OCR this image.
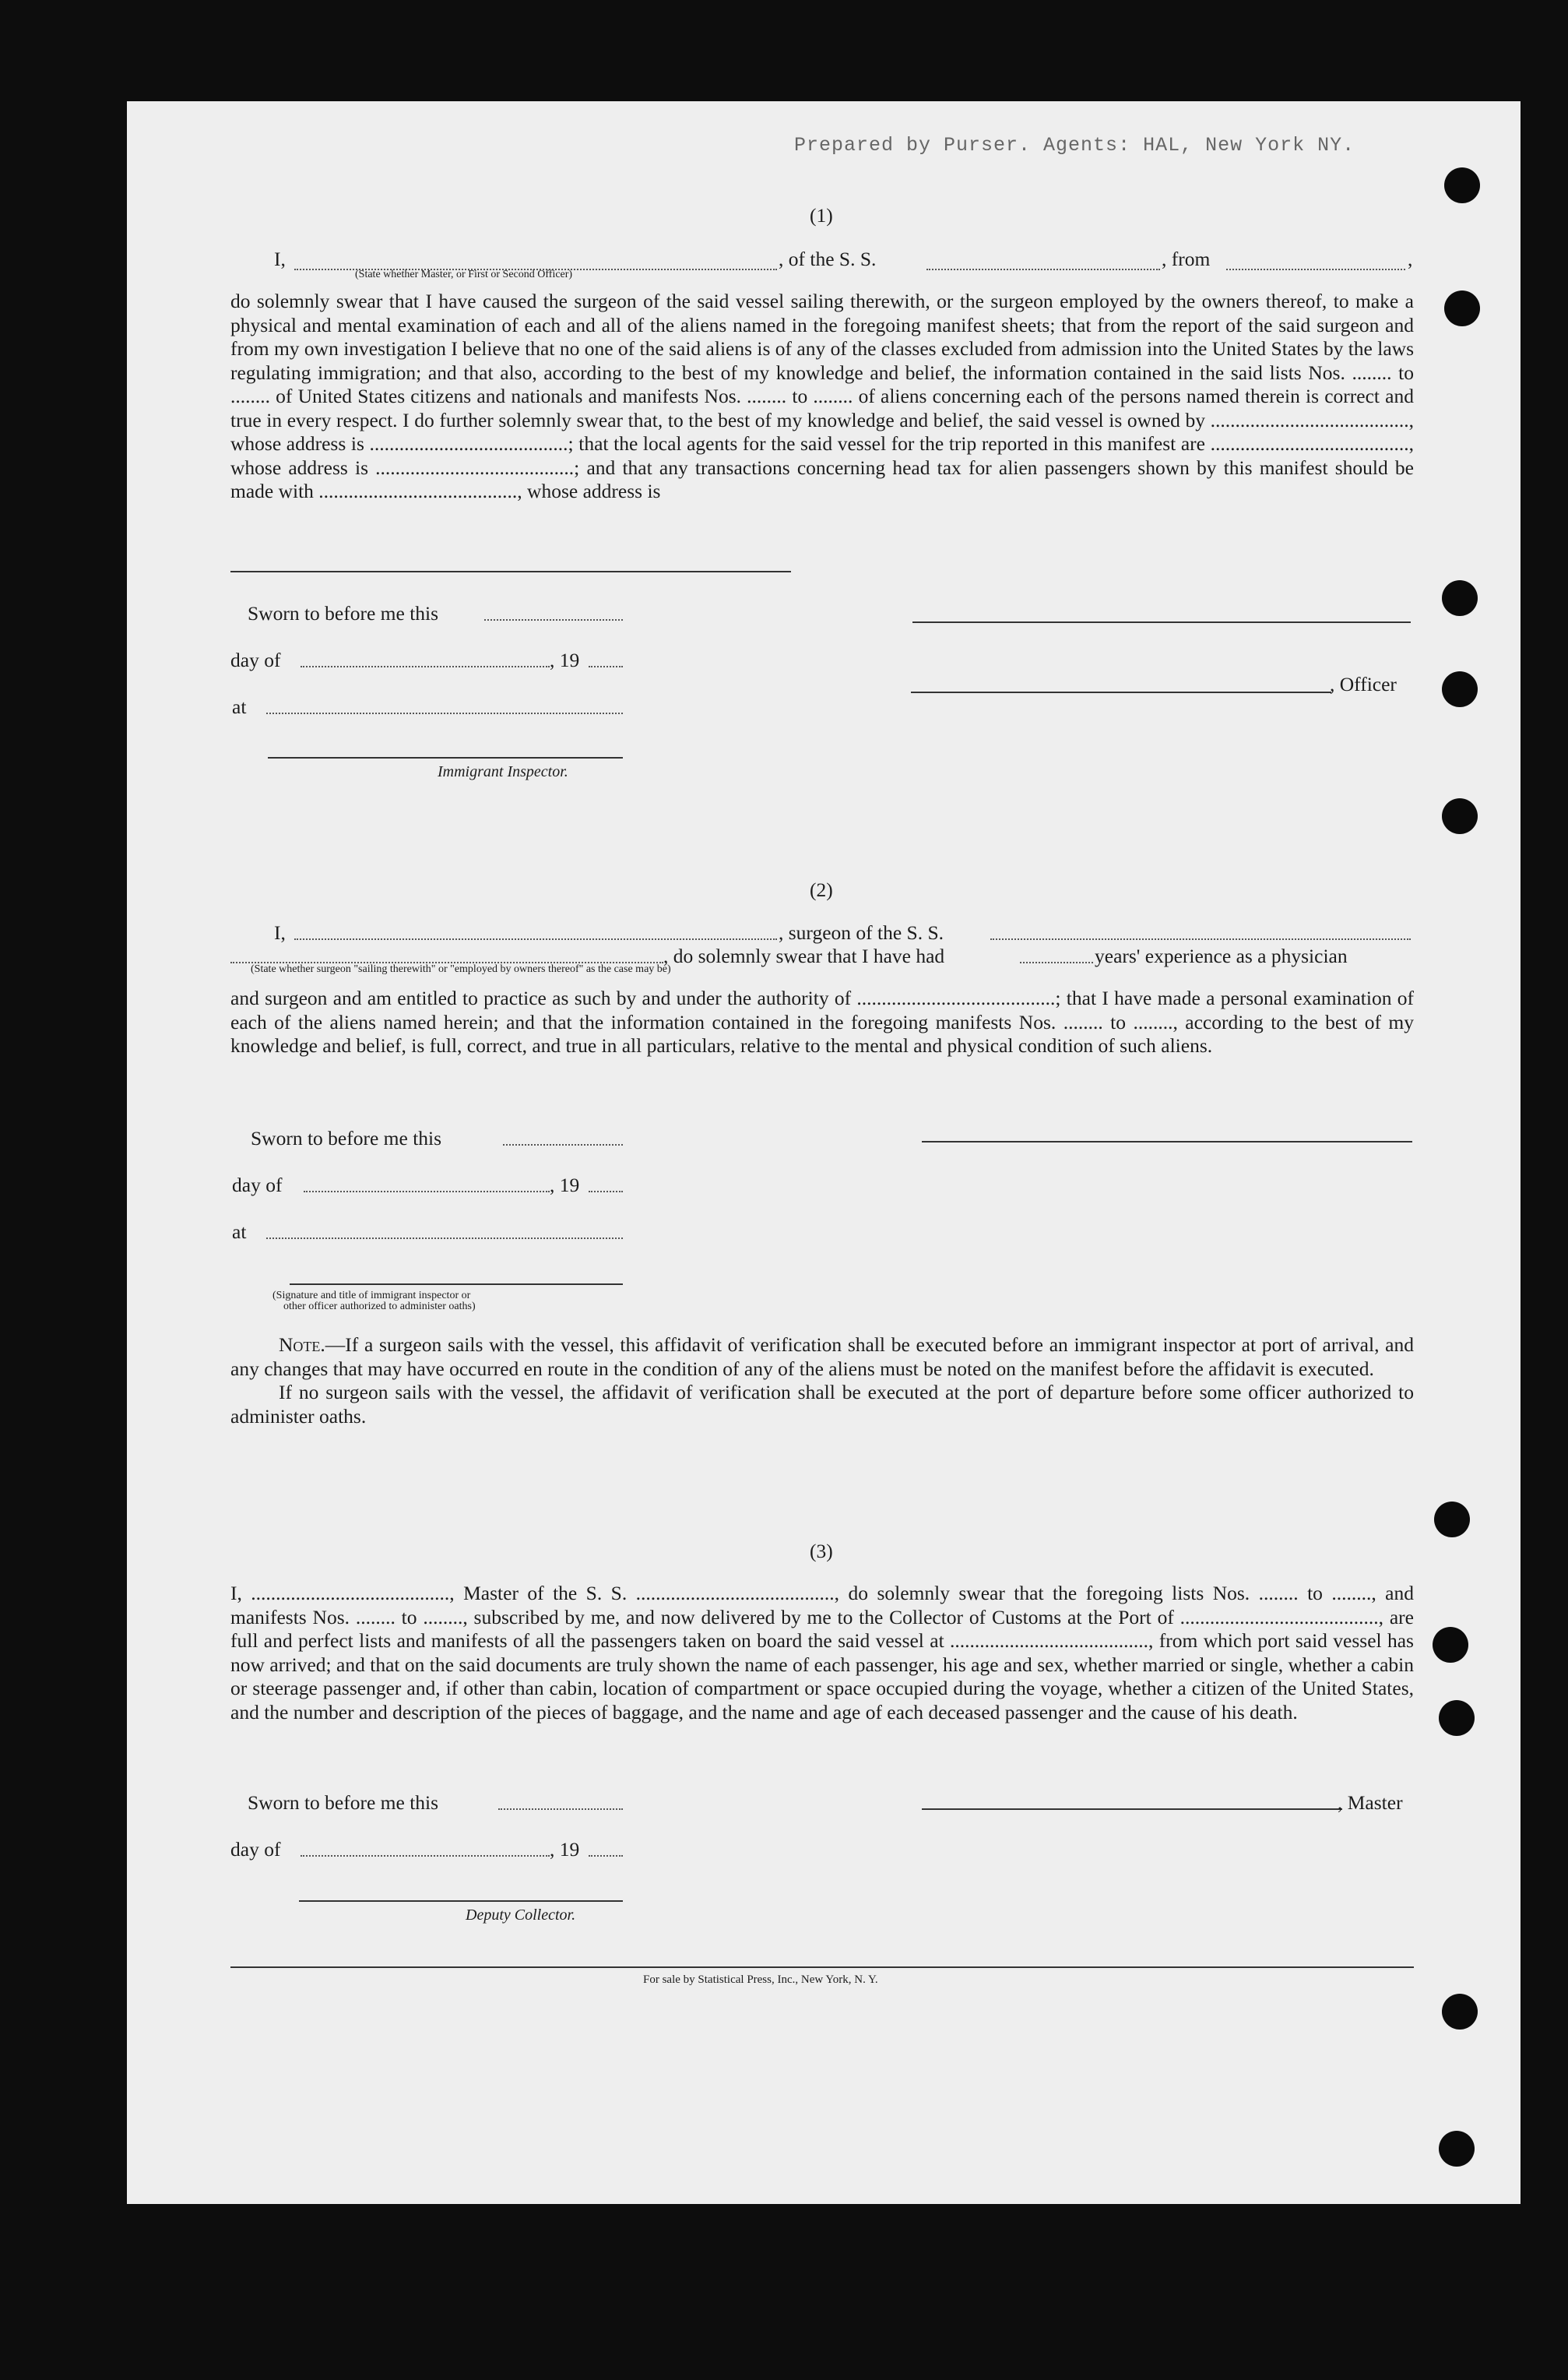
Prepared by Purser. Agents: HAL, New York NY.
(1)
I,	, of the S. S.	, from	,
(State whether Master, or First or Second Officer)

do solemnly swear that I have caused the surgeon of the said vessel sailing therewith, or the surgeon employed by the owners thereof, to make a physical and mental examination of each and all of the aliens named in the foregoing manifest sheets; that from the report of the said surgeon and from my own investigation I believe that no one of the said aliens is of any of the classes excluded from admission into the United States by the laws regulating immigration; and that also, according to the best of my knowledge and belief, the information contained in the said lists Nos. ........ to ........ of United States citizens and nationals and manifests Nos. ........ to ........ of aliens concerning each of the persons named therein is correct and true in every respect. I do further solemnly swear that, to the best of my knowledge and belief, the said vessel is owned by ........................................, whose address is ........................................; that the local agents for the said vessel for the trip reported in this manifest are ........................................, whose address is ........................................; and that any transactions concerning head tax for alien passengers shown by this manifest should be made with ........................................, whose address is

Sworn to before me this
day of	, 19
, Officer
at
Immigrant Inspector.
(2)
I,	, surgeon of the S. S.
, do solemnly swear that I have had	years' experience as a physician
(State whether surgeon "sailing therewith" or "employed by owners thereof" as the case may be)

and surgeon and am entitled to practice as such by and under the authority of ........................................; that I have made a personal examination of each of the aliens named herein; and that the information contained in the foregoing manifests Nos. ........ to ........, according to the best of my knowledge and belief, is full, correct, and true in all particulars, relative to the mental and physical condition of such aliens.

Sworn to before me this
day of	, 19
at
(Signature and title of immigrant inspector or
other officer authorized to administer oaths)

Note.—If a surgeon sails with the vessel, this affidavit of verification shall be executed before an immigrant inspector at port of arrival, and any changes that may have occurred en route in the condition of any of the aliens must be noted on the manifest before the affidavit is executed.

If no surgeon sails with the vessel, the affidavit of verification shall be executed at the port of departure before some officer authorized to administer oaths.

(3)

I, ........................................, Master of the S. S. ........................................, do solemnly swear that the foregoing lists Nos. ........ to ........, and manifests Nos. ........ to ........, subscribed by me, and now delivered by me to the Collector of Customs at the Port of ........................................, are full and perfect lists and manifests of all the passengers taken on board the said vessel at ........................................, from which port said vessel has now arrived; and that on the said documents are truly shown the name of each passenger, his age and sex, whether married or single, whether a cabin or steerage passenger and, if other than cabin, location of compartment or space occupied during the voyage, whether a citizen of the United States, and the number and description of the pieces of baggage, and the name and age of each deceased passenger and the cause of his death.

Sworn to before me this	, Master
day of	, 19
Deputy Collector.
For sale by Statistical Press, Inc., New York, N. Y.
